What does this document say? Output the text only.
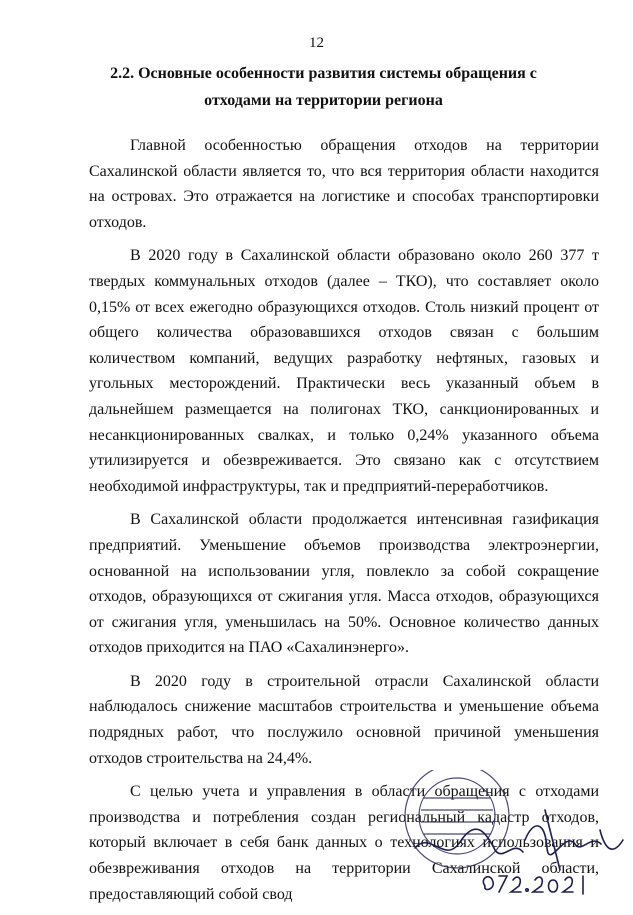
12
2.2. Основные особенности развития системы обращения с
отходами на территории региона

Главной особенностью обращения отходов на территории Сахалинской области является то, что вся территория области находится на островах. Это отражается на логистике и способах транспортировки отходов.

В 2020 году в Сахалинской области образовано около 260 377 т твердых коммунальных отходов (далее – ТКО), что составляет около 0,15% от всех ежегодно образующихся отходов. Столь низкий процент от общего количества образовавшихся отходов связан с большим количеством компаний, ведущих разработку нефтяных, газовых и угольных месторождений. Практически весь указанный объем в дальнейшем размещается на полигонах ТКО, санкционированных и несанкционированных свалках, и только 0,24% указанного объема утилизируется и обезвреживается. Это связано как с отсутствием необходимой инфраструктуры, так и предприятий-переработчиков.

В Сахалинской области продолжается интенсивная газификация предприятий. Уменьшение объемов производства электроэнергии, основанной на использовании угля, повлекло за собой сокращение отходов, образующихся от сжигания угля. Масса отходов, образующихся от сжигания угля, уменьшилась на 50%. Основное количество данных отходов приходится на ПАО «Сахалинэнерго».

В 2020 году в строительной отрасли Сахалинской области наблюдалось снижение масштабов строительства и уменьшение объема подрядных работ, что послужило основной причиной уменьшения отходов строительства на 24,4%.

С целью учета и управления в области обращения с отходами производства и потребления создан региональный кадастр отходов, который включает в себя банк данных о технологиях использования и обезвреживания отходов на территории Сахалинской области, предоставляющий собой свод
